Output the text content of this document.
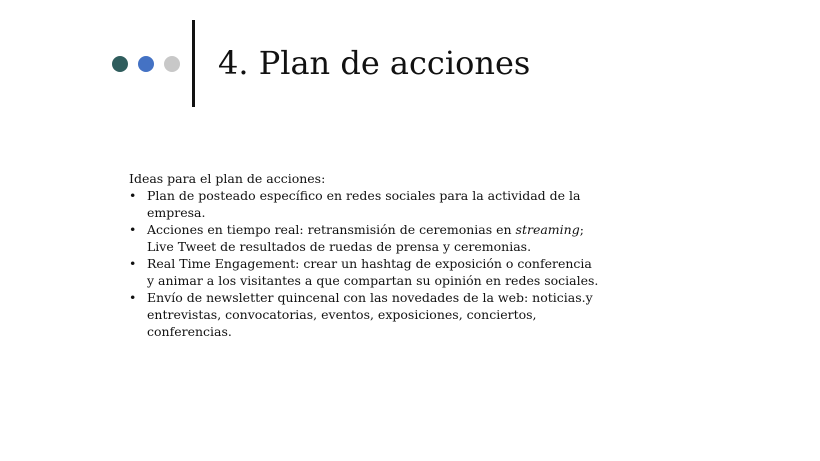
4. Plan de acciones

Ideas para el plan de acciones:

• Plan de posteado específico en redes sociales para la actividad de la empresa.
• Acciones en tiempo real: retransmisión de ceremonias en streaming; Live Tweet de resultados de ruedas de prensa y ceremonias.
• Real Time Engagement: crear un hashtag de exposición o conferencia y animar a los visitantes a que compartan su opinión en redes sociales.
• Envío de newsletter quincenal con las novedades de la web: noticias.y entrevistas, convocatorias, eventos, exposiciones, conciertos, conferencias.
